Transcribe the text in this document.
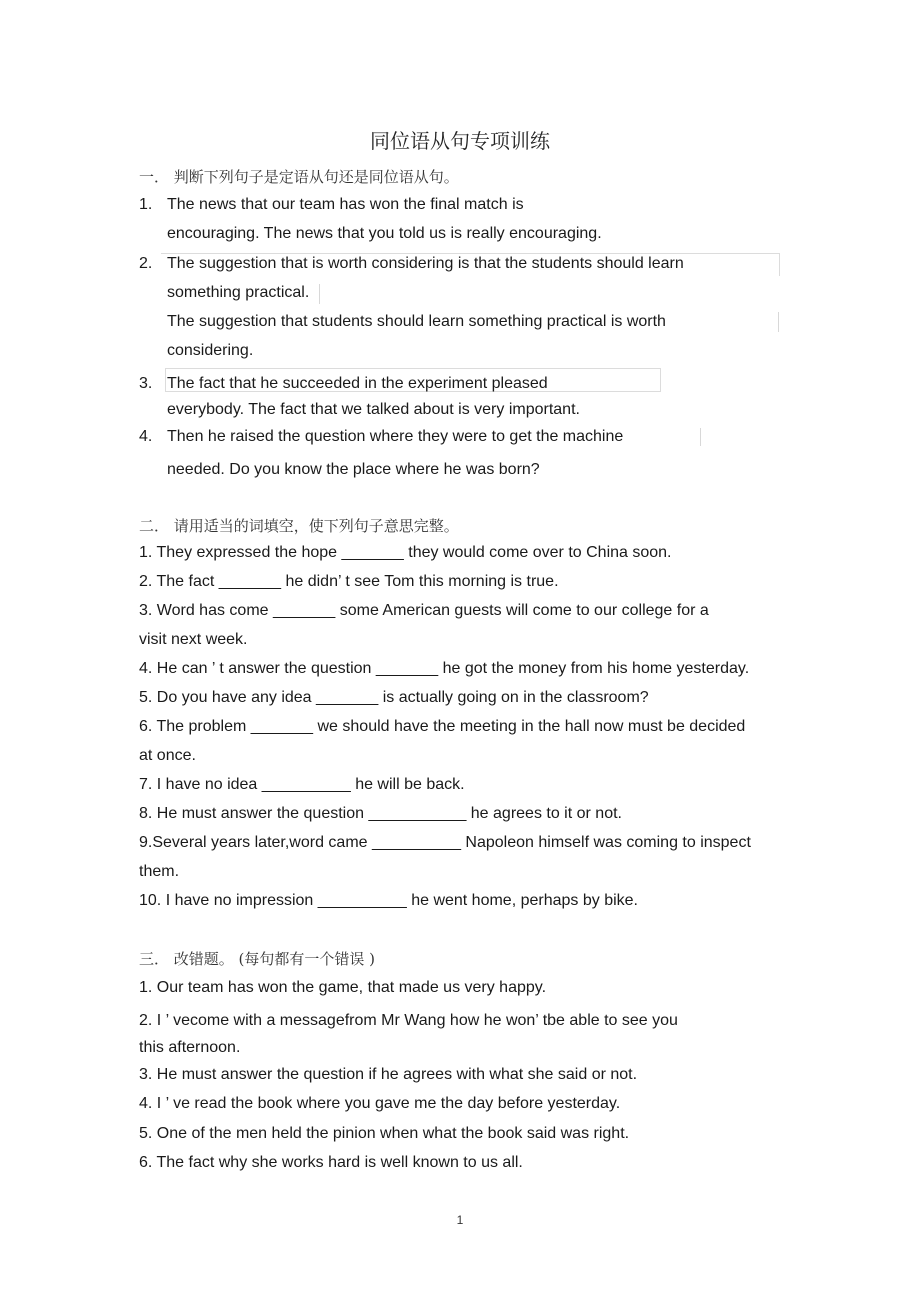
同位语从句专项训练
一． 判断下列句子是定语从句还是同位语从句。
1. The news that our team has won the final match is
encouraging. The news that you told us is really encouraging.
2. The suggestion that is worth considering is that the students should learn
something practical.
The suggestion that students should learn something practical is worth
considering.
3. The fact that he succeeded in the experiment pleased
everybody. The fact that we talked about is very important.
4. Then he raised the question where they were to get the machine
needed. Do you know the place where he was born?
二． 请用适当的词填空，使下列句子意思完整。
1. They expressed the hope _______ they would come over to China soon.
2. The fact _______ he didn’ t see Tom this morning is true.
3. Word has come _______ some American guests will come to our college for a
visit next week.
4. He can ’ t answer the question _______ he got the money from his home yesterday.
5. Do you have any idea _______ is actually going on in the classroom?
6. The problem _______ we should have the meeting in the hall now must be decided
at once.
7. I have no idea __________ he will be back.
8. He must answer the question ___________ he agrees to it or not.
9.Several years later,word came __________ Napoleon himself was coming to inspect
them.
10. I have no impression __________ he went home, perhaps by bike.
三． 改错题。 (每句都有一个错误 )
1. Our team has won the game, that made us very happy.
2. I ’ vecome with a messagefrom Mr Wang how he won’ tbe able to see you
this afternoon.
3. He must answer the question if he agrees with what she said or not.
4. I ’ ve read the book where you gave me the day before yesterday.
5. One of the men held the pinion when what the book said was right.
6. The fact why she works hard is well known to us all.
1
